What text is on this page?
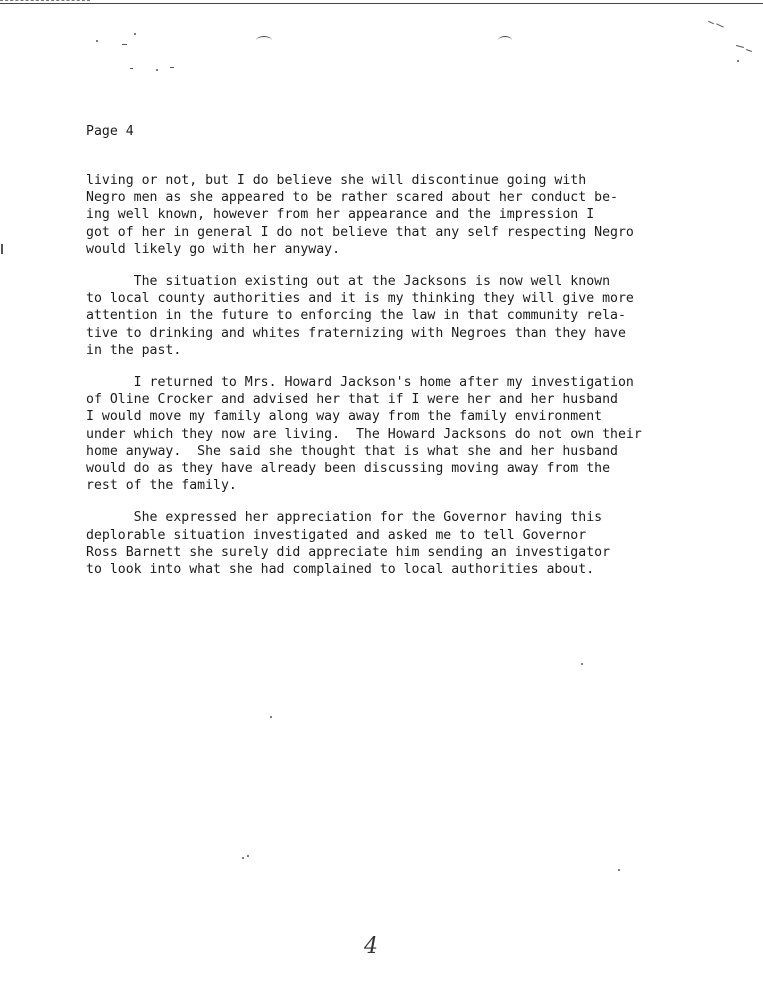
Page 4

living or not, but I do believe she will discontinue going with
Negro men as she appeared to be rather scared about her conduct be-
ing well known, however from her appearance and the impression I
got of her in general I do not believe that any self respecting Negro
would likely go with her anyway.

The situation existing out at the Jacksons is now well known
to local county authorities and it is my thinking they will give more
attention in the future to enforcing the law in that community rela-
tive to drinking and whites fraternizing with Negroes than they have
in the past.

I returned to Mrs. Howard Jackson's home after my investigation
of Oline Crocker and advised her that if I were her and her husband
I would move my family along way away from the family environment
under which they now are living.  The Howard Jacksons do not own their
home anyway.  She said she thought that is what she and her husband
would do as they have already been discussing moving away from the
rest of the family.

She expressed her appreciation for the Governor having this
deplorable situation investigated and asked me to tell Governor
Ross Barnett she surely did appreciate him sending an investigator
to look into what she had complained to local authorities about.

4
